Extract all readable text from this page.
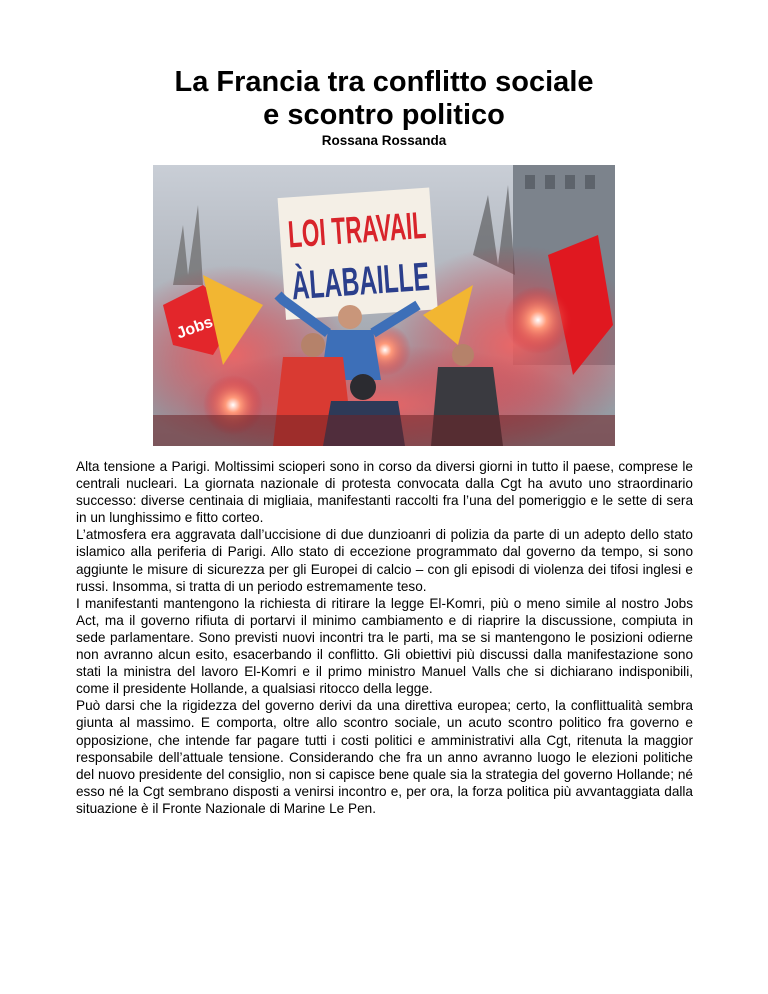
La Francia tra conflitto sociale
e scontro politico
Rossana Rossanda
LOI TRAVAIL
ÀLABAILLE
Jobs

Alta tensione a Parigi. Moltissimi scioperi sono in corso da diversi giorni in tutto il paese, comprese le centrali nucleari. La giornata nazionale di protesta convocata dalla Cgt ha avuto uno straordinario successo: diverse centinaia di migliaia, manifestanti raccolti fra l’una del pomeriggio e le sette di sera in un lunghissimo e fitto corteo.

L’atmosfera era aggravata dall’uccisione di due dunzioanri di polizia da parte di un adepto dello stato islamico alla periferia di Parigi. Allo stato di eccezione programmato dal governo da tempo, si sono aggiunte le misure di sicurezza per gli Europei di calcio – con gli episodi di violenza dei tifosi inglesi e russi. Insomma, si tratta di un periodo estremamente teso.

I manifestanti mantengono la richiesta di ritirare la legge El-Komri, più o meno simile al nostro Jobs Act, ma il governo rifiuta di portarvi il minimo cambiamento e di riaprire la discussione, compiuta in sede parlamentare. Sono previsti nuovi incontri tra le parti, ma se si mantengono le posizioni odierne non avranno alcun esito, esacerbando il conflitto. Gli obiettivi più discussi dalla manifestazione sono stati la ministra del lavoro El-Komri e il primo ministro Manuel Valls che si dichiarano indisponibili, come il presidente Hollande, a qualsiasi ritocco della legge.

Può darsi che la rigidezza del governo derivi da una direttiva europea; certo, la conflittualità sembra giunta al massimo. E comporta, oltre allo scontro sociale, un acuto scontro politico fra governo e opposizione, che intende far pagare tutti i costi politici e amministrativi alla Cgt, ritenuta la maggior responsabile dell’attuale tensione. Considerando che fra un anno avranno luogo le elezioni politiche del nuovo presidente del consiglio, non si capisce bene quale sia la strategia del governo Hollande; né esso né la Cgt sembrano disposti a venirsi incontro e, per ora, la forza politica più avvantaggiata dalla situazione è il Fronte Nazionale di Marine Le Pen.
